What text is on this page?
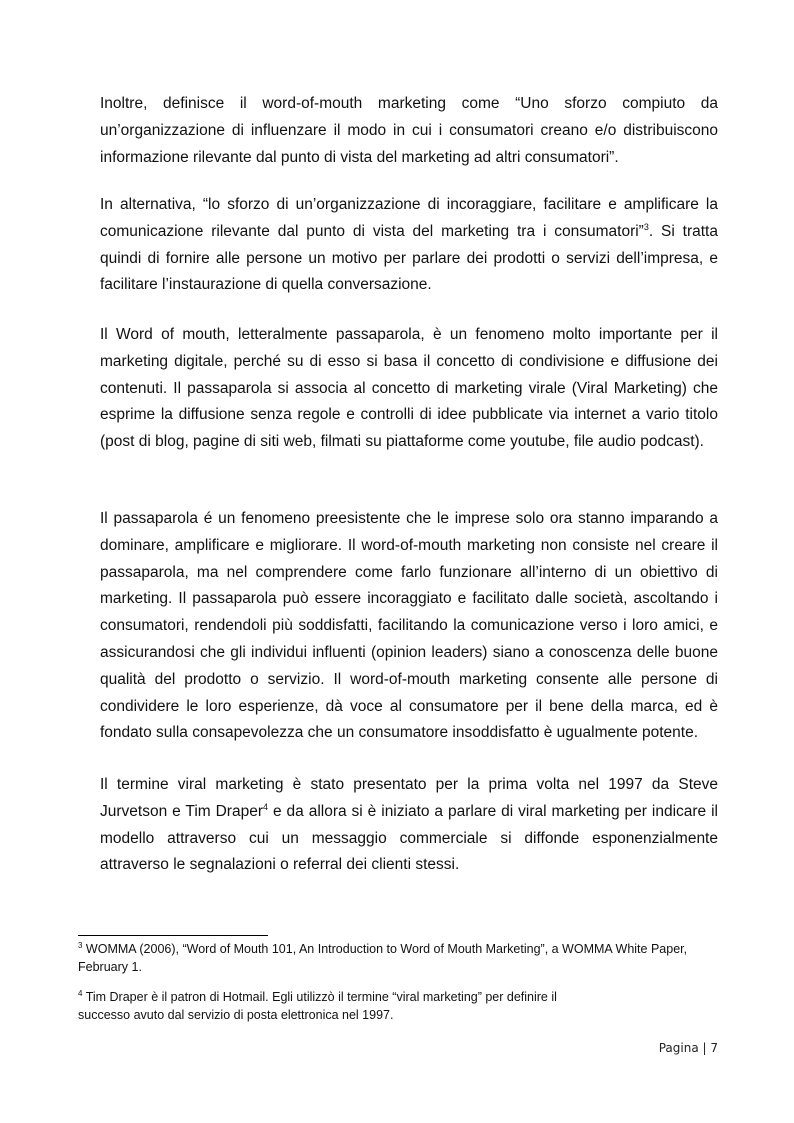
Inoltre, definisce il word-of-mouth marketing come “Uno sforzo compiuto da un’organizzazione di influenzare il modo in cui i consumatori creano e/o distribuiscono informazione rilevante dal punto di vista del marketing ad altri consumatori”.

In alternativa, “lo sforzo di un’organizzazione di incoraggiare, facilitare e amplificare la comunicazione rilevante dal punto di vista del marketing tra i consumatori”$^3$. Si tratta quindi di fornire alle persone un motivo per parlare dei prodotti o servizi dell’impresa, e facilitare l’instaurazione di quella conversazione.

Il Word of mouth, letteralmente passaparola, è un fenomeno molto importante per il marketing digitale, perché su di esso si basa il concetto di condivisione e diffusione dei contenuti. Il passaparola si associa al concetto di marketing virale (Viral Marketing) che esprime la diffusione senza regole e controlli di idee pubblicate via internet a vario titolo (post di blog, pagine di siti web, filmati su piattaforme come youtube, file audio podcast).

Il passaparola é un fenomeno preesistente che le imprese solo ora stanno imparando a dominare, amplificare e migliorare. Il word-of-mouth marketing non consiste nel creare il passaparola, ma nel comprendere come farlo funzionare all’interno di un obiettivo di marketing. Il passaparola può essere incoraggiato e facilitato dalle società, ascoltando i consumatori, rendendoli più soddisfatti, facilitando la comunicazione verso i loro amici, e assicurandosi che gli individui influenti (opinion leaders) siano a conoscenza delle buone qualità del prodotto o servizio. Il word-of-mouth marketing consente alle persone di condividere le loro esperienze, dà voce al consumatore per il bene della marca, ed è fondato sulla consapevolezza che un consumatore insoddisfatto è ugualmente potente.

Il termine viral marketing è stato presentato per la prima volta nel 1997 da Steve Jurvetson e Tim Draper$^4$ e da allora si è iniziato a parlare di viral marketing per indicare il modello attraverso cui un messaggio commerciale si diffonde esponenzialmente attraverso le segnalazioni o referral dei clienti stessi.

$^3$ WOMMA (2006), “Word of Mouth 101, An Introduction to Word of Mouth Marketing”, a WOMMA White Paper, February 1.

$^4$ Tim Draper è il patron di Hotmail. Egli utilizzò il termine “viral marketing” per definire il successo avuto dal servizio di posta elettronica nel 1997.

Pagina | 7
